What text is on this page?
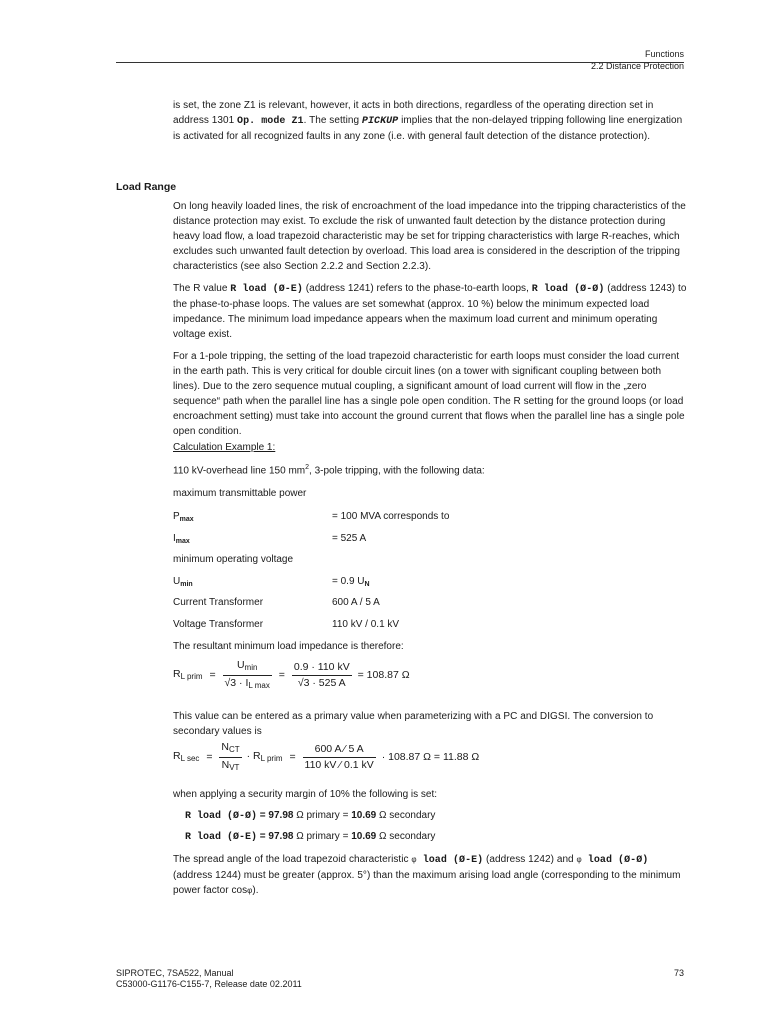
Functions
2.2 Distance Protection
is set, the zone Z1 is relevant, however, it acts in both directions, regardless of the operating direction set in address 1301 Op. mode Z1. The setting PICKUP implies that the non-delayed tripping following line energization is activated for all recognized faults in any zone (i.e. with general fault detection of the distance protection).
Load Range

On long heavily loaded lines, the risk of encroachment of the load impedance into the tripping characteristics of the distance protection may exist. To exclude the risk of unwanted fault detection by the distance protection during heavy load flow, a load trapezoid characteristic may be set for tripping characteristics with large R-reaches, which excludes such unwanted fault detection by overload. This load area is considered in the description of the tripping characteristics (see also Section 2.2.2 and Section 2.2.3).

The R value R load (Ø-E) (address 1241) refers to the phase-to-earth loops, R load (Ø-Ø) (address 1243) to the phase-to-phase loops. The values are set somewhat (approx. 10 %) below the minimum expected load impedance. The minimum load impedance appears when the maximum load current and minimum operating voltage exist.

For a 1-pole tripping, the setting of the load trapezoid characteristic for earth loops must consider the load current in the earth path. This is very critical for double circuit lines (on a tower with significant coupling between both lines). Due to the zero sequence mutual coupling, a significant amount of load current will flow in the „zero sequence“ path when the parallel line has a single pole open condition. The R setting for the ground loops (or load encroachment setting) must take into account the ground current that flows when the parallel line has a single pole open condition.

Calculation Example 1:
110 kV-overhead line 150 $mm^2$, 3-pole tripping, with the following data:
maximum transmittable power
$P_{max}$	= 100 MVA corresponds to
$I_{max}$	= 525 A
minimum operating voltage
$U_{min}$	= 0.9 $U_N$
Current Transformer	600 A / 5 A
Voltage Transformer	110 kV / 0.1 kV
The resultant minimum load impedance is therefore:
RL prim = $\frac{Umin}{\text{√3 · IL max}} = \frac{0.9 \cdot 110 kV}{√3 \cdot 525 A} = 108.87$ Ω
This value can be entered as a primary value when parameterizing with a PC and DIGSI. The conversion to secondary values is
RL $\sec = \frac{\text{NCT}}{\text{NVT}}$ · RL prim = $\frac{600 A ⁄ 5 A}{110 kV ⁄ 0.1 kV} \cdot 108.87$ Ω = 11.88 Ω
when applying a security margin of 10% the following is set:
R load (Ø-Ø) = 97.98 Ω primary = 10.69 Ω secondary
R load (Ø-E) = 97.98 Ω primary = 10.69 Ω secondary
The spread angle of the load trapezoid characteristic φ load (Ø-E) (address 1242) and φ load (Ø-Ø) (address 1244) must be greater (approx. 5°) than the maximum arising load angle (corresponding to the minimum power factor cosφ).
SIPROTEC, 7SA522, Manual
C53000-G1176-C155-7, Release date 02.2011
73
